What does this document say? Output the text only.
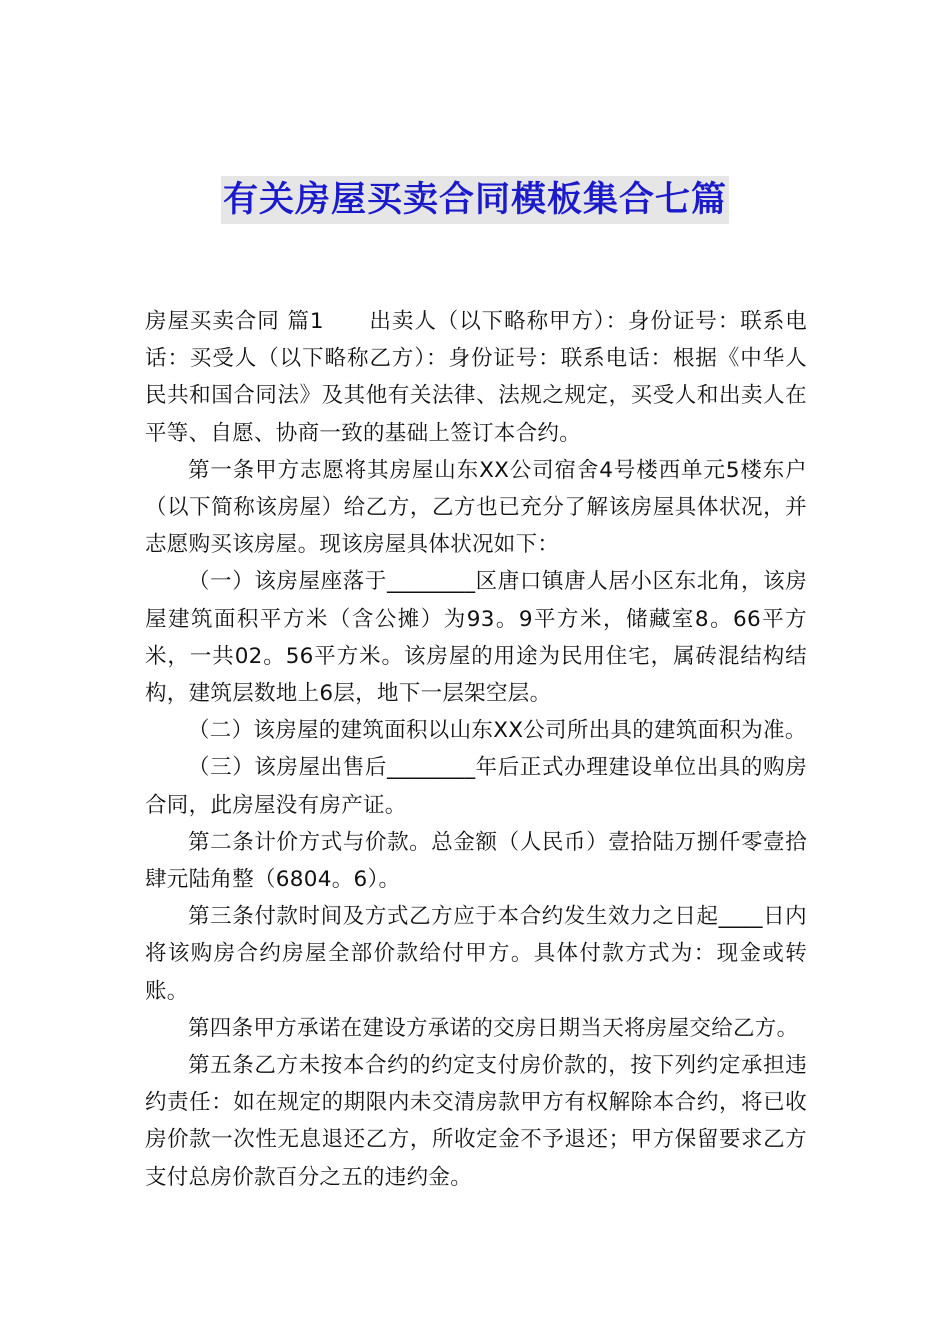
有关房屋买卖合同模板集合七篇

房屋买卖合同 篇1　　出卖人（以下略称甲方）：身份证号：联系电话：买受人（以下略称乙方）：身份证号：联系电话：根据《中华人民共和国合同法》及其他有关法律、法规之规定，买受人和出卖人在平等、自愿、协商一致的基础上签订本合约。

第一条甲方志愿将其房屋山东XX公司宿舍4号楼西单元5楼东户（以下简称该房屋）给乙方，乙方也已充分了解该房屋具体状况，并志愿购买该房屋。现该房屋具体状况如下：

（一）该房屋座落于________区唐口镇唐人居小区东北角，该房屋建筑面积平方米（含公摊）为93。9平方米，储藏室8。66平方米，一共02。56平方米。该房屋的用途为民用住宅，属砖混结构结构，建筑层数地上6层，地下一层架空层。

（二）该房屋的建筑面积以山东XX公司所出具的建筑面积为准。

（三）该房屋出售后________年后正式办理建设单位出具的购房合同，此房屋没有房产证。

第二条计价方式与价款。总金额（人民币）壹拾陆万捌仟零壹拾肆元陆角整（6804。6）。

第三条付款时间及方式乙方应于本合约发生效力之日起____日内将该购房合约房屋全部价款给付甲方。具体付款方式为：现金或转账。

第四条甲方承诺在建设方承诺的交房日期当天将房屋交给乙方。

第五条乙方未按本合约的约定支付房价款的，按下列约定承担违约责任：如在规定的期限内未交清房款甲方有权解除本合约，将已收房价款一次性无息退还乙方，所收定金不予退还；甲方保留要求乙方支付总房价款百分之五的违约金。
